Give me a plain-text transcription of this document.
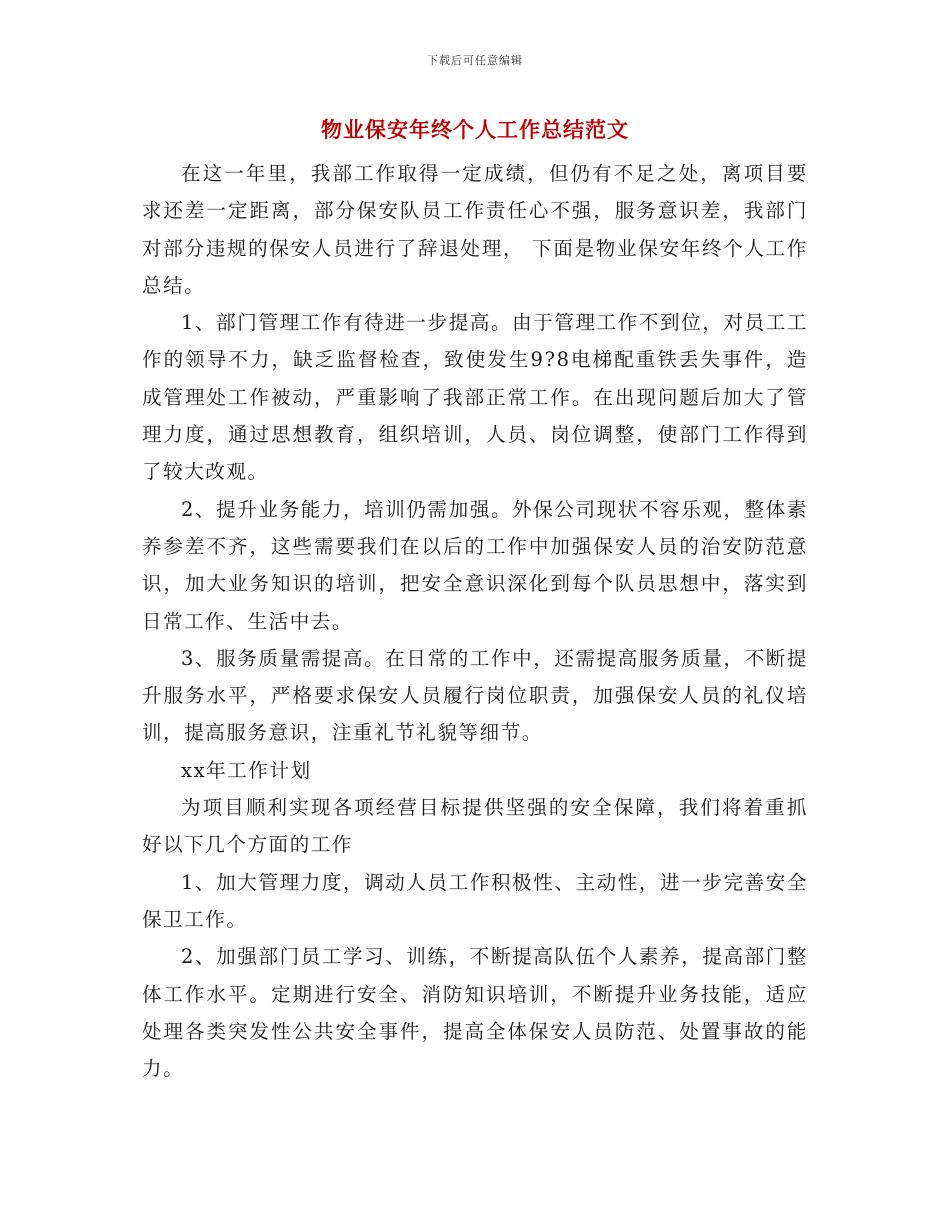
下载后可任意编辑
物业保安年终个人工作总结范文

在这一年里，我部工作取得一定成绩，但仍有不足之处，离项目要求还差一定距离，部分保安队员工作责任心不强，服务意识差，我部门对部分违规的保安人员进行了辞退处理， 下面是物业保安年终个人工作总结。

1、部门管理工作有待进一步提高。由于管理工作不到位，对员工工作的领导不力，缺乏监督检查，致使发生9?8电梯配重铁丢失事件，造成管理处工作被动，严重影响了我部正常工作。在出现问题后加大了管理力度，通过思想教育，组织培训，人员、岗位调整，使部门工作得到了较大改观。

2、提升业务能力，培训仍需加强。外保公司现状不容乐观，整体素养参差不齐，这些需要我们在以后的工作中加强保安人员的治安防范意识，加大业务知识的培训，把安全意识深化到每个队员思想中，落实到日常工作、生活中去。

3、服务质量需提高。在日常的工作中，还需提高服务质量，不断提升服务水平，严格要求保安人员履行岗位职责，加强保安人员的礼仪培训，提高服务意识，注重礼节礼貌等细节。

xx年工作计划

为项目顺利实现各项经营目标提供坚强的安全保障，我们将着重抓好以下几个方面的工作

1、加大管理力度，调动人员工作积极性、主动性，进一步完善安全保卫工作。

2、加强部门员工学习、训练，不断提高队伍个人素养，提高部门整体工作水平。定期进行安全、消防知识培训，不断提升业务技能，适应处理各类突发性公共安全事件，提高全体保安人员防范、处置事故的能力。
